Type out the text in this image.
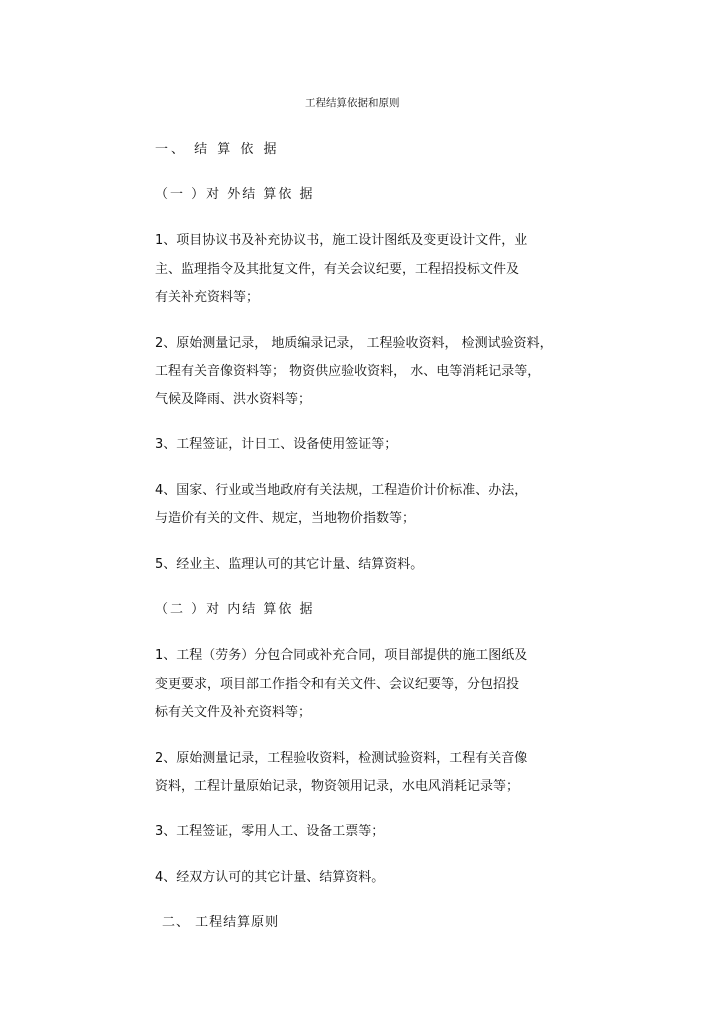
工程结算依据和原则
一、 结 算 依 据
（一 ）对 外结 算依 据
1、项目协议书及补充协议书，施工设计图纸及变更设计文件，业
主、监理指令及其批复文件，有关会议纪要，工程招投标文件及
有关补充资料等；
2、原始测量记录， 地质编录记录， 工程验收资料， 检测试验资料，
工程有关音像资料等； 物资供应验收资料， 水、电等消耗记录等，
气候及降雨、洪水资料等；
3、工程签证，计日工、设备使用签证等；
4、国家、行业或当地政府有关法规，工程造价计价标准、办法，
与造价有关的文件、规定，当地物价指数等；
5、经业主、监理认可的其它计量、结算资料。
（二 ）对 内结 算依 据
1、工程（劳务）分包合同或补充合同，项目部提供的施工图纸及
变更要求，项目部工作指令和有关文件、会议纪要等，分包招投
标有关文件及补充资料等；
2、原始测量记录，工程验收资料，检测试验资料，工程有关音像
资料，工程计量原始记录，物资领用记录，水电风消耗记录等；
3、工程签证，零用人工、设备工票等；
4、经双方认可的其它计量、结算资料。
二、 工程结算原则
